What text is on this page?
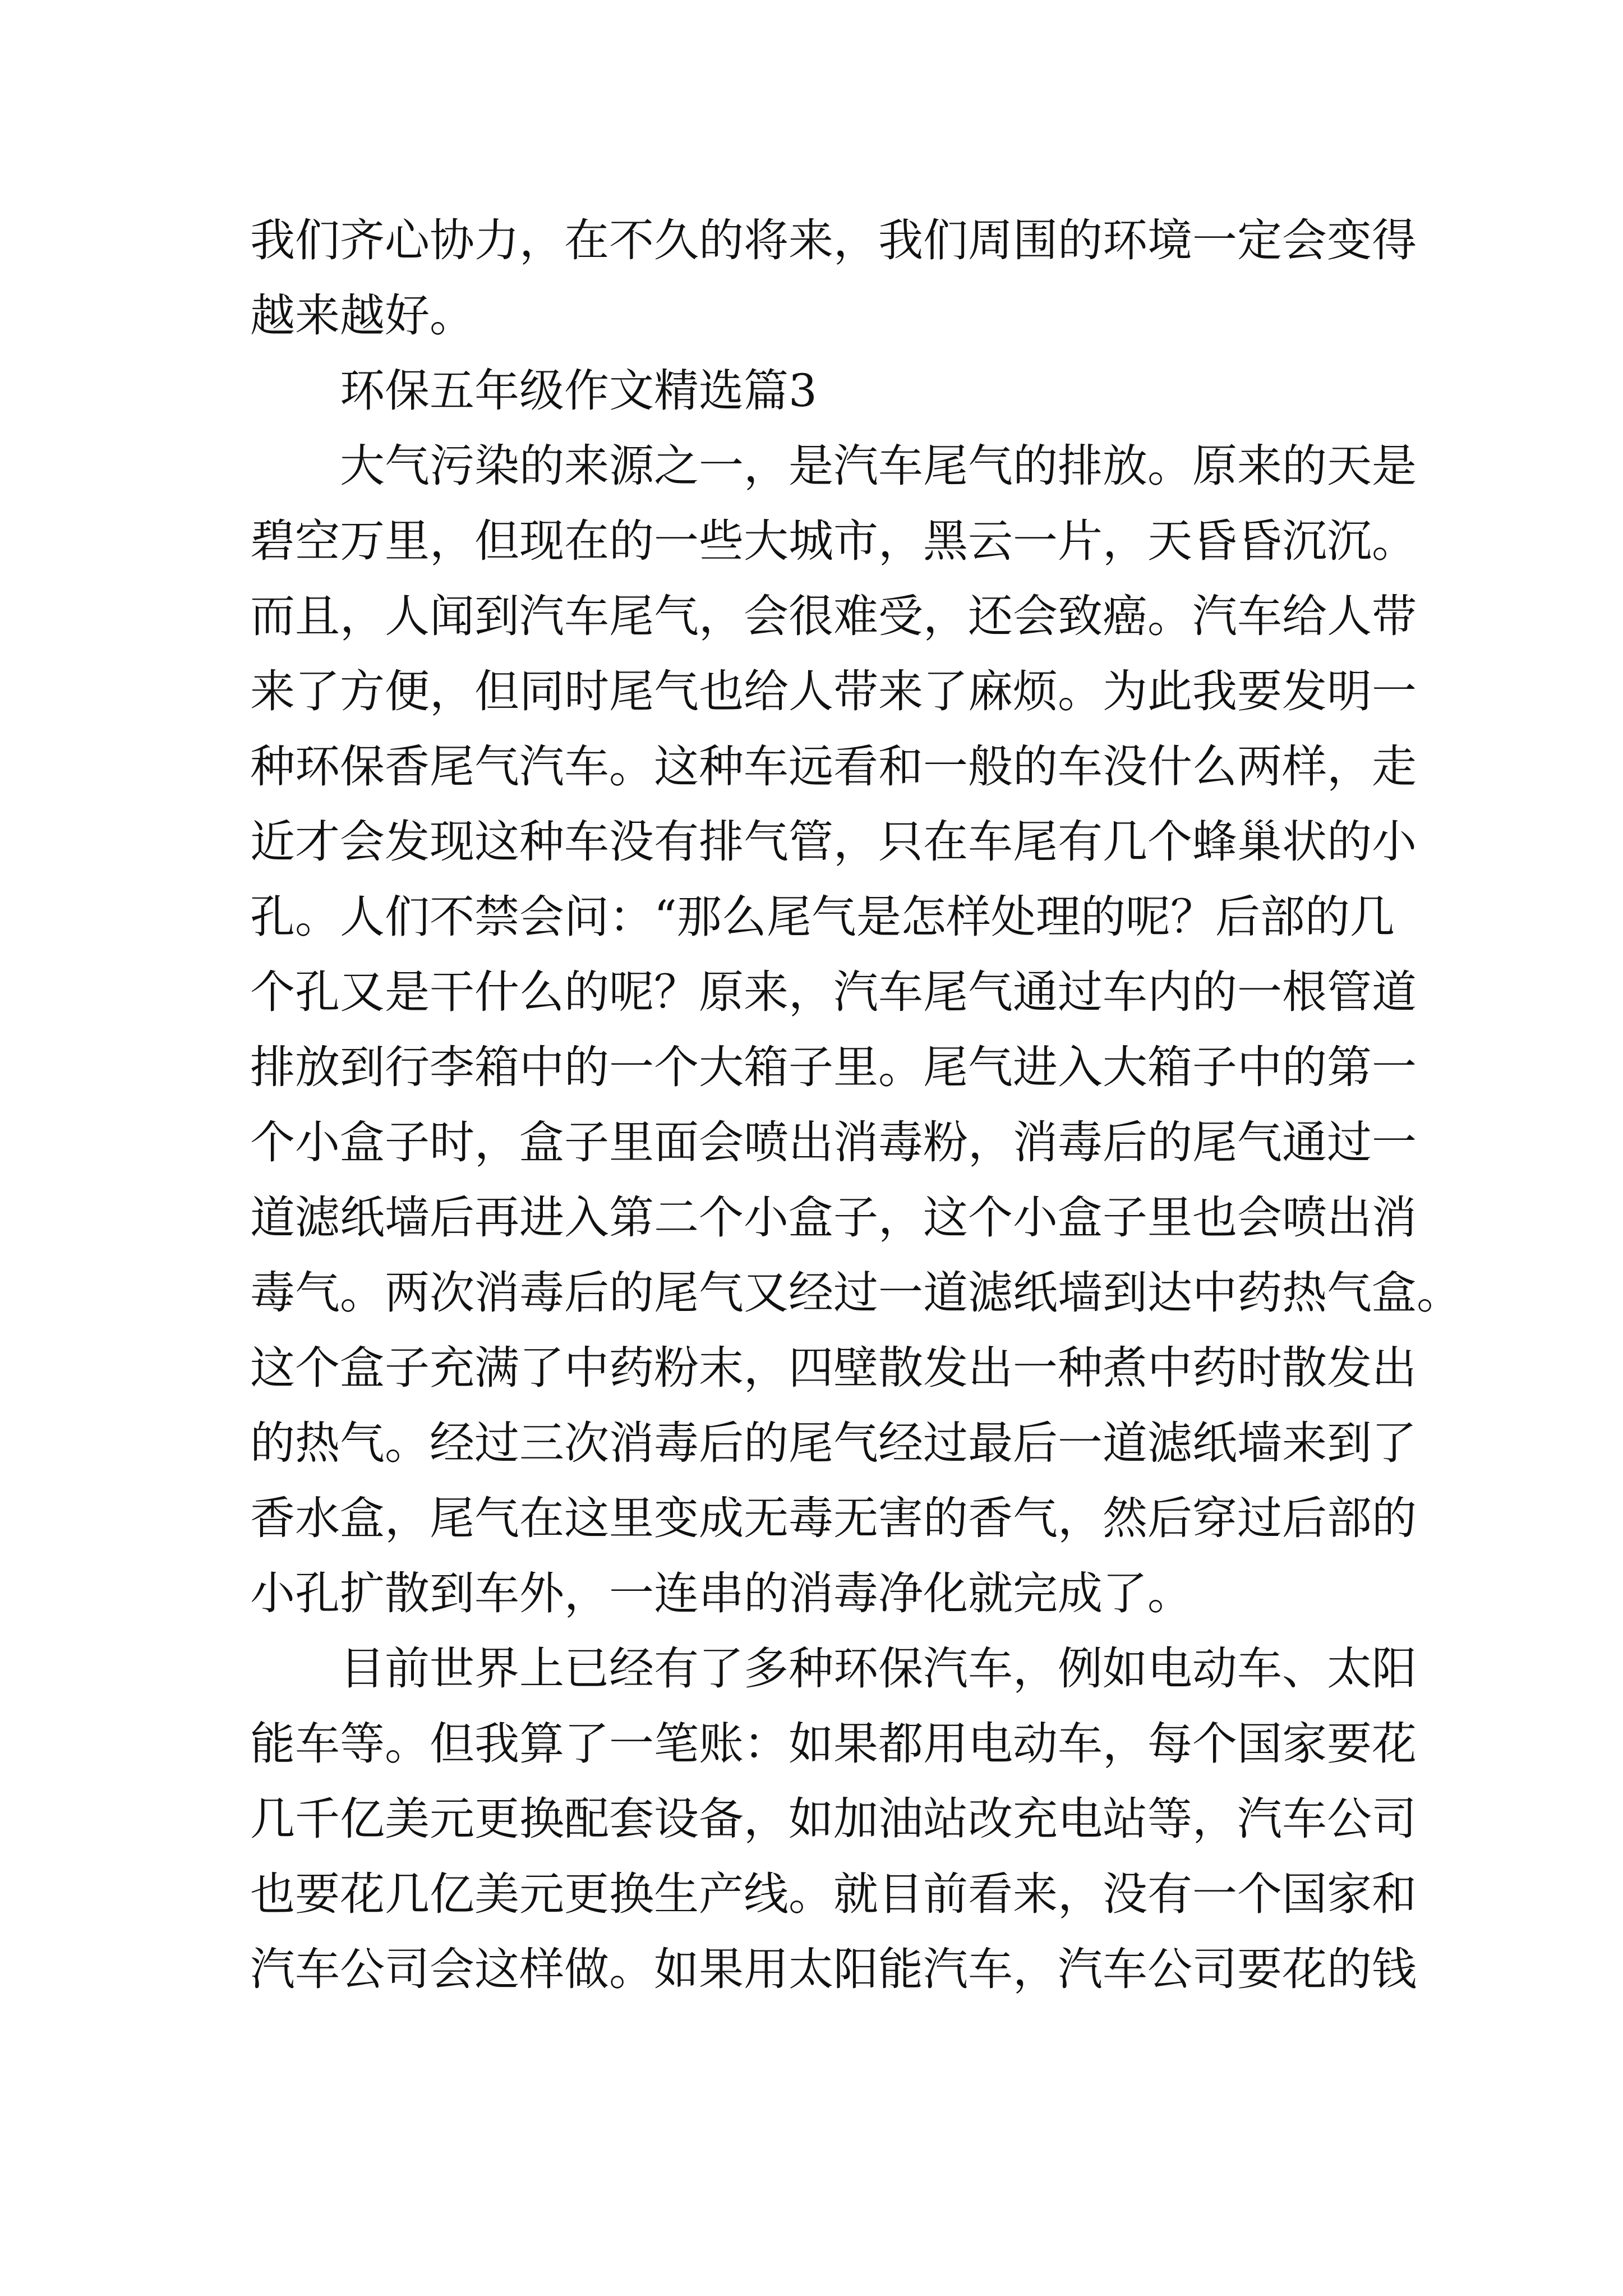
我们齐心协力，在不久的将来，我们周围的环境一定会变得
越来越好。
环保五年级作文精选篇3
大气污染的来源之一，是汽车尾气的排放。原来的天是
碧空万里，但现在的一些大城市，黑云一片，天昏昏沉沉。
而且，人闻到汽车尾气，会很难受，还会致癌。汽车给人带
来了方便，但同时尾气也给人带来了麻烦。为此我要发明一
种环保香尾气汽车。这种车远看和一般的车没什么两样，走
近才会发现这种车没有排气管，只在车尾有几个蜂巢状的小
孔。人们不禁会问：“那么尾气是怎样处理的呢？后部的几
个孔又是干什么的呢？原来，汽车尾气通过车内的一根管道
排放到行李箱中的一个大箱子里。尾气进入大箱子中的第一
个小盒子时，盒子里面会喷出消毒粉，消毒后的尾气通过一
道滤纸墙后再进入第二个小盒子，这个小盒子里也会喷出消
毒气。两次消毒后的尾气又经过一道滤纸墙到达中药热气盒。
这个盒子充满了中药粉末，四壁散发出一种煮中药时散发出
的热气。经过三次消毒后的尾气经过最后一道滤纸墙来到了
香水盒，尾气在这里变成无毒无害的香气，然后穿过后部的
小孔扩散到车外，一连串的消毒净化就完成了。
目前世界上已经有了多种环保汽车，例如电动车、太阳
能车等。但我算了一笔账：如果都用电动车，每个国家要花
几千亿美元更换配套设备，如加油站改充电站等，汽车公司
也要花几亿美元更换生产线。就目前看来，没有一个国家和
汽车公司会这样做。如果用太阳能汽车，汽车公司要花的钱
